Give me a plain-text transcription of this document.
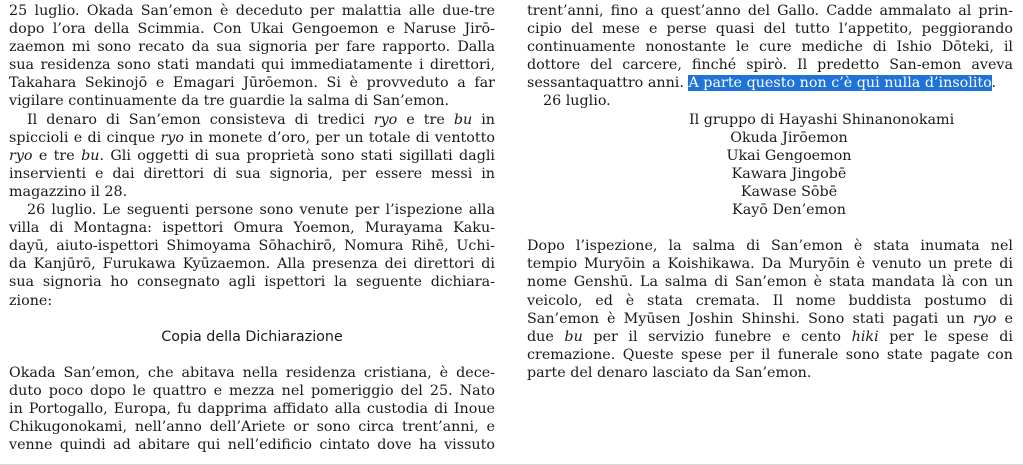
25 luglio. Okada San’emon è deceduto per malattia alle due-tre
dopo l’ora della Scimmia. Con Ukai Gengoemon e Naruse Jirō-
zaemon mi sono recato da sua signoria per fare rapporto. Dalla
sua residenza sono stati mandati qui immediatamente i direttori,
Takahara Sekinojō e Emagari Jūrōemon. Si è provveduto a far
vigilare continuamente da tre guardie la salma di San’emon.
Il denaro di San’emon consisteva di tredici ryo e tre bu in
spiccioli e di cinque ryo in monete d’oro, per un totale di ventotto
ryo e tre bu. Gli oggetti di sua proprietà sono stati sigillati dagli
inservienti e dai direttori di sua signoria, per essere messi in
magazzino il 28.
26 luglio. Le seguenti persone sono venute per l’ispezione alla
villa di Montagna: ispettori Omura Yoemon, Murayama Kaku-
dayū, aiuto-ispettori Shimoyama Sōhachirō, Nomura Rihē, Uchi-
da Kanjūrō, Furukawa Kyūzaemon. Alla presenza dei direttori di
sua signoria ho consegnato agli ispettori la seguente dichiara-
zione:
Copia della Dichiarazione
Okada San’emon, che abitava nella residenza cristiana, è dece-
duto poco dopo le quattro e mezza nel pomeriggio del 25. Nato
in Portogallo, Europa, fu dapprima affidato alla custodia di Inoue
Chikugonokami, nell’anno dell’Ariete or sono circa trent’anni, e
venne quindi ad abitare qui nell’edificio cintato dove ha vissuto
trent’anni, fino a quest’anno del Gallo. Cadde ammalato al prin-
cipio del mese e perse quasi del tutto l’appetito, peggiorando
continuamente nonostante le cure mediche di Ishio Dōteki, il
dottore del carcere, finché spirò. Il predetto San-emon aveva
sessantaquattro anni. A parte questo non c’è qui nulla d’insolito.
26 luglio.
Il gruppo di Hayashi Shinanonokami
Okuda Jirōemon
Ukai Gengoemon
Kawara Jingobē
Kawase Sōbē
Kayō Den’emon
Dopo l’ispezione, la salma di San’emon è stata inumata nel
tempio Muryōin a Koishikawa. Da Muryōin è venuto un prete di
nome Genshū. La salma di San’emon è stata mandata là con un
veicolo, ed è stata cremata. Il nome buddista postumo di
San’emon è Myūsen Joshin Shinshi. Sono stati pagati un ryo e
due bu per il servizio funebre e cento hiki per le spese di
cremazione. Queste spese per il funerale sono state pagate con
parte del denaro lasciato da San’emon.
